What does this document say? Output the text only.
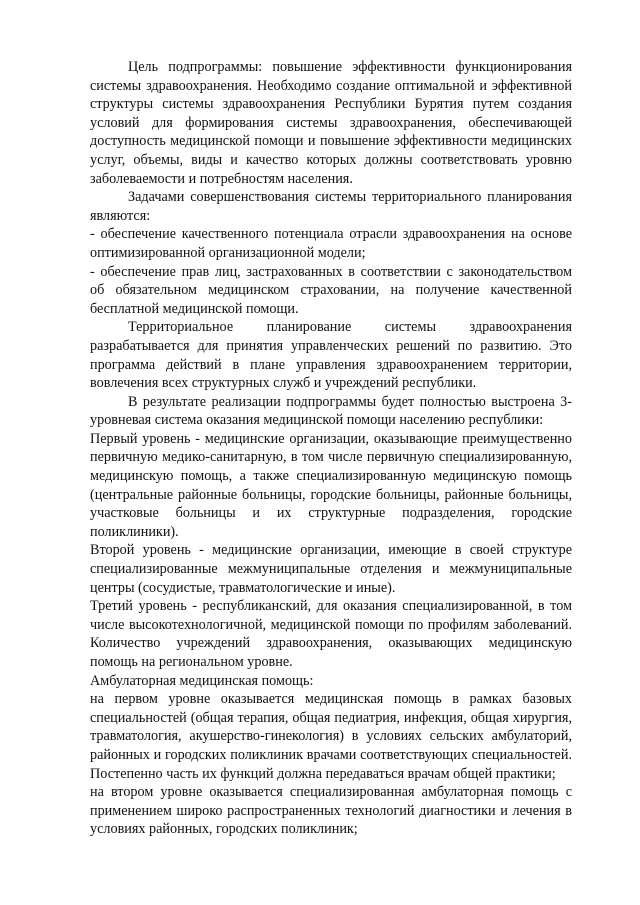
Цель подпрограммы: повышение эффективности функционирования системы здравоохранения. Необходимо создание оптимальной и эффективной структуры системы здравоохранения Республики Бурятия путем создания условий для формирования системы здравоохранения, обеспечивающей доступность медицинской помощи и повышение эффективности медицинских услуг, объемы, виды и качество которых должны соответствовать уровню заболеваемости и потребностям населения.

Задачами совершенствования системы территориального планирования являются:

- обеспечение качественного потенциала отрасли здравоохранения на основе оптимизированной организационной модели;

- обеспечение прав лиц, застрахованных в соответствии с законодательством об обязательном медицинском страховании, на получение качественной бесплатной медицинской помощи.

Территориальное планирование системы здравоохранения разрабатывается для принятия управленческих решений по развитию. Это программа действий в плане управления здравоохранением территории, вовлечения всех структурных служб и учреждений республики.

В результате реализации подпрограммы будет полностью выстроена 3-уровневая система оказания медицинской помощи населению республики:

Первый уровень - медицинские организации, оказывающие преимущественно первичную медико-санитарную, в том числе первичную специализированную, медицинскую помощь, а также специализированную медицинскую помощь (центральные районные больницы, городские больницы, районные больницы, участковые больницы и их структурные подразделения, городские поликлиники).

Второй уровень - медицинские организации, имеющие в своей структуре специализированные межмуниципальные отделения и межмуниципальные центры (сосудистые, травматологические и иные).

Третий уровень - республиканский, для оказания специализированной, в том числе высокотехнологичной, медицинской помощи по профилям заболеваний. Количество учреждений здравоохранения, оказывающих медицинскую помощь на региональном уровне.

Амбулаторная медицинская помощь:

на первом уровне оказывается медицинская помощь в рамках базовых специальностей (общая терапия, общая педиатрия, инфекция, общая хирургия, травматология, акушерство-гинекология) в условиях сельских амбулаторий, районных и городских поликлиник врачами соответствующих специальностей. Постепенно часть их функций должна передаваться врачам общей практики;

на втором уровне оказывается специализированная амбулаторная помощь с применением широко распространенных технологий диагностики и лечения в условиях районных, городских поликлиник;
